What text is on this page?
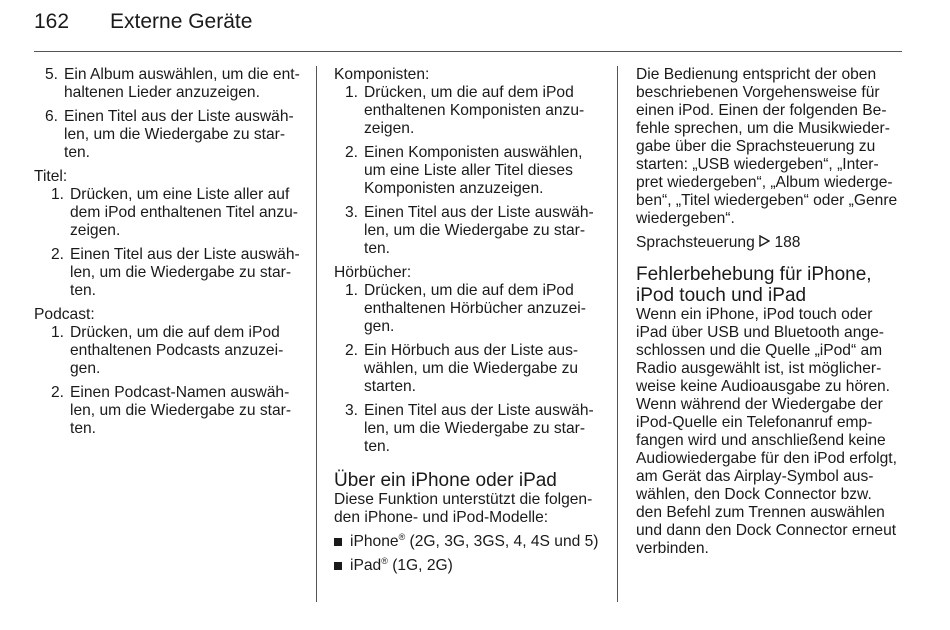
162 Externe Geräte
5. Ein Album auswählen, um die ent-haltenen Lieder anzuzeigen.
6. Einen Titel aus der Liste auswäh-len, um die Wiedergabe zu star-ten.

Titel:

1. Drücken, um eine Liste aller auf dem iPod enthaltenen Titel anzu-zeigen.
2. Einen Titel aus der Liste auswäh-len, um die Wiedergabe zu star-ten.

Podcast:

1. Drücken, um die auf dem iPod enthaltenen Podcasts anzuzei-gen.
2. Einen Podcast-Namen auswäh-len, um die Wiedergabe zu star-ten.

Komponisten:

1. Drücken, um die auf dem iPod enthaltenen Komponisten anzu-zeigen.
2. Einen Komponisten auswählen, um eine Liste aller Titel dieses Komponisten anzuzeigen.
3. Einen Titel aus der Liste auswäh-len, um die Wiedergabe zu star-ten.

Hörbücher:

1. Drücken, um die auf dem iPod enthaltenen Hörbücher anzuzei-gen.
2. Ein Hörbuch aus der Liste aus-wählen, um die Wiedergabe zu starten.
3. Einen Titel aus der Liste auswäh-len, um die Wiedergabe zu star-ten.
Über ein iPhone oder iPad

Diese Funktion unterstützt die folgen-den iPhone- und iPod-Modelle:

iPhone® (2G, 3G, 3GS, 4, 4S und 5)
iPad® (1G, 2G)

Die Bedienung entspricht der oben beschriebenen Vorgehensweise für einen iPod. Einen der folgenden Be-fehle sprechen, um die Musikwieder-gabe über die Sprachsteuerung zu starten: „USB wiedergeben“, „Inter-pret wiedergeben“, „Album wiederge-ben“, „Titel wiedergeben“ oder „Genre wiedergeben“.

Sprachsteuerung 188

Fehlerbehebung für iPhone, iPod touch und iPad

Wenn ein iPhone, iPod touch oder iPad über USB und Bluetooth ange-schlossen und die Quelle „iPod“ am Radio ausgewählt ist, ist möglicher-weise keine Audioausgabe zu hören.

Wenn während der Wiedergabe der iPod-Quelle ein Telefonanruf emp-fangen wird und anschließend keine Audiowiedergabe für den iPod erfolgt, am Gerät das Airplay-Symbol aus-wählen, den Dock Connector bzw. den Befehl zum Trennen auswählen und dann den Dock Connector erneut verbinden.
